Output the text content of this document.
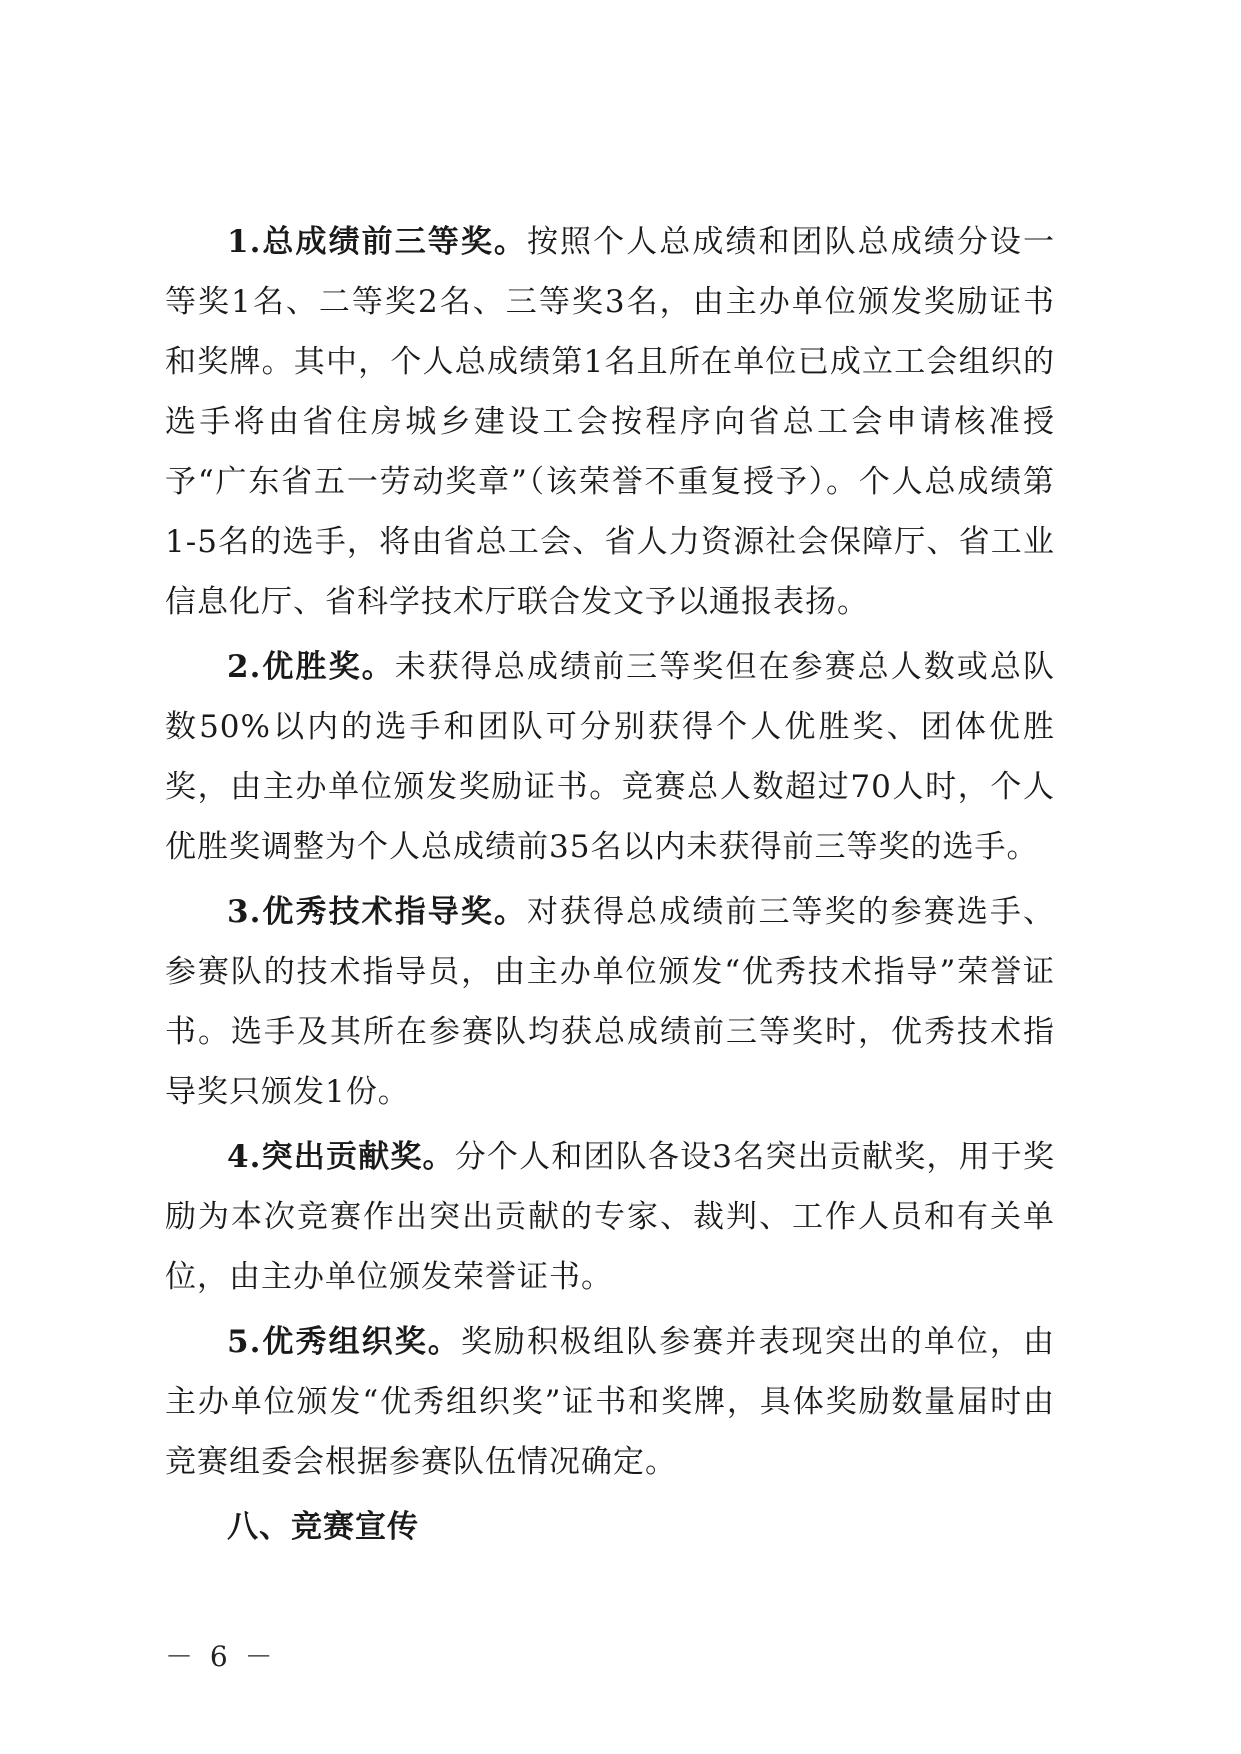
1.总成绩前三等奖。按照个人总成绩和团队总成绩分设一等奖1名、二等奖2名、三等奖3名，由主办单位颁发奖励证书和奖牌。其中，个人总成绩第1名且所在单位已成立工会组织的选手将由省住房城乡建设工会按程序向省总工会申请核准授予“广东省五一劳动奖章”（该荣誉不重复授予）。个人总成绩第1-5名的选手，将由省总工会、省人力资源社会保障厅、省工业信息化厅、省科学技术厅联合发文予以通报表扬。

2.优胜奖。未获得总成绩前三等奖但在参赛总人数或总队数50%以内的选手和团队可分别获得个人优胜奖、团体优胜奖，由主办单位颁发奖励证书。竞赛总人数超过70人时，个人优胜奖调整为个人总成绩前35名以内未获得前三等奖的选手。

3.优秀技术指导奖。对获得总成绩前三等奖的参赛选手、参赛队的技术指导员，由主办单位颁发“优秀技术指导”荣誉证书。选手及其所在参赛队均获总成绩前三等奖时，优秀技术指导奖只颁发1份。

4.突出贡献奖。分个人和团队各设3名突出贡献奖，用于奖励为本次竞赛作出突出贡献的专家、裁判、工作人员和有关单位，由主办单位颁发荣誉证书。

5.优秀组织奖。奖励积极组队参赛并表现突出的单位，由主办单位颁发“优秀组织奖”证书和奖牌，具体奖励数量届时由竞赛组委会根据参赛队伍情况确定。

八、竞赛宣传

－ 6 －
